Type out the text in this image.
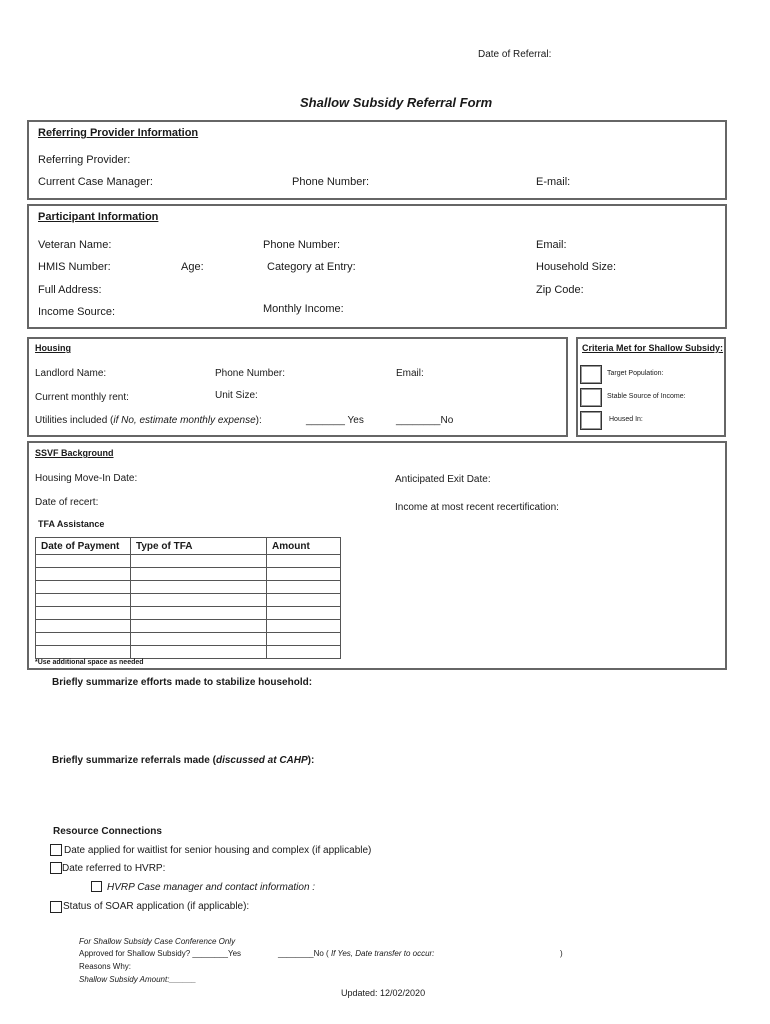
Date of Referral:
Shallow Subsidy Referral Form
Referring Provider Information
Referring Provider:
Current Case Manager:	Phone Number:	E-mail:
Participant Information
Veteran Name:	Phone Number:	Email:
HMIS Number:	Age:	Category at Entry:	Household Size:
Full Address:	Zip Code:
Income Source:	Monthly Income:
Housing
Landlord Name:	Phone Number:	Email:
Current monthly rent:	Unit Size:
Utilities included (if No, estimate monthly expense):	_______ Yes	________No
Criteria Met for Shallow Subsidy:
Target Population:
Stable Source of Income:
Housed In:
SSVF Background
Housing Move-In Date:	Anticipated Exit Date:
Date of recert:	Income at most recent recertification:
TFA Assistance
Date of Payment	Type of TFA	Amount

*Use additional space as needed
Briefly summarize efforts made to stabilize household:
Briefly summarize referrals made (discussed at CAHP):
Resource Connections
Date applied for waitlist for senior housing and complex (if applicable)
Date referred to HVRP:
HVRP Case manager and contact information :
Status of SOAR application (if applicable):
For Shallow Subsidy Case Conference Only
Approved for Shallow Subsidy? ________Yes	________No ( If Yes, Date transfer to occur:	)
Reasons Why:
Shallow Subsidy Amount:______
Updated: 12/02/2020
